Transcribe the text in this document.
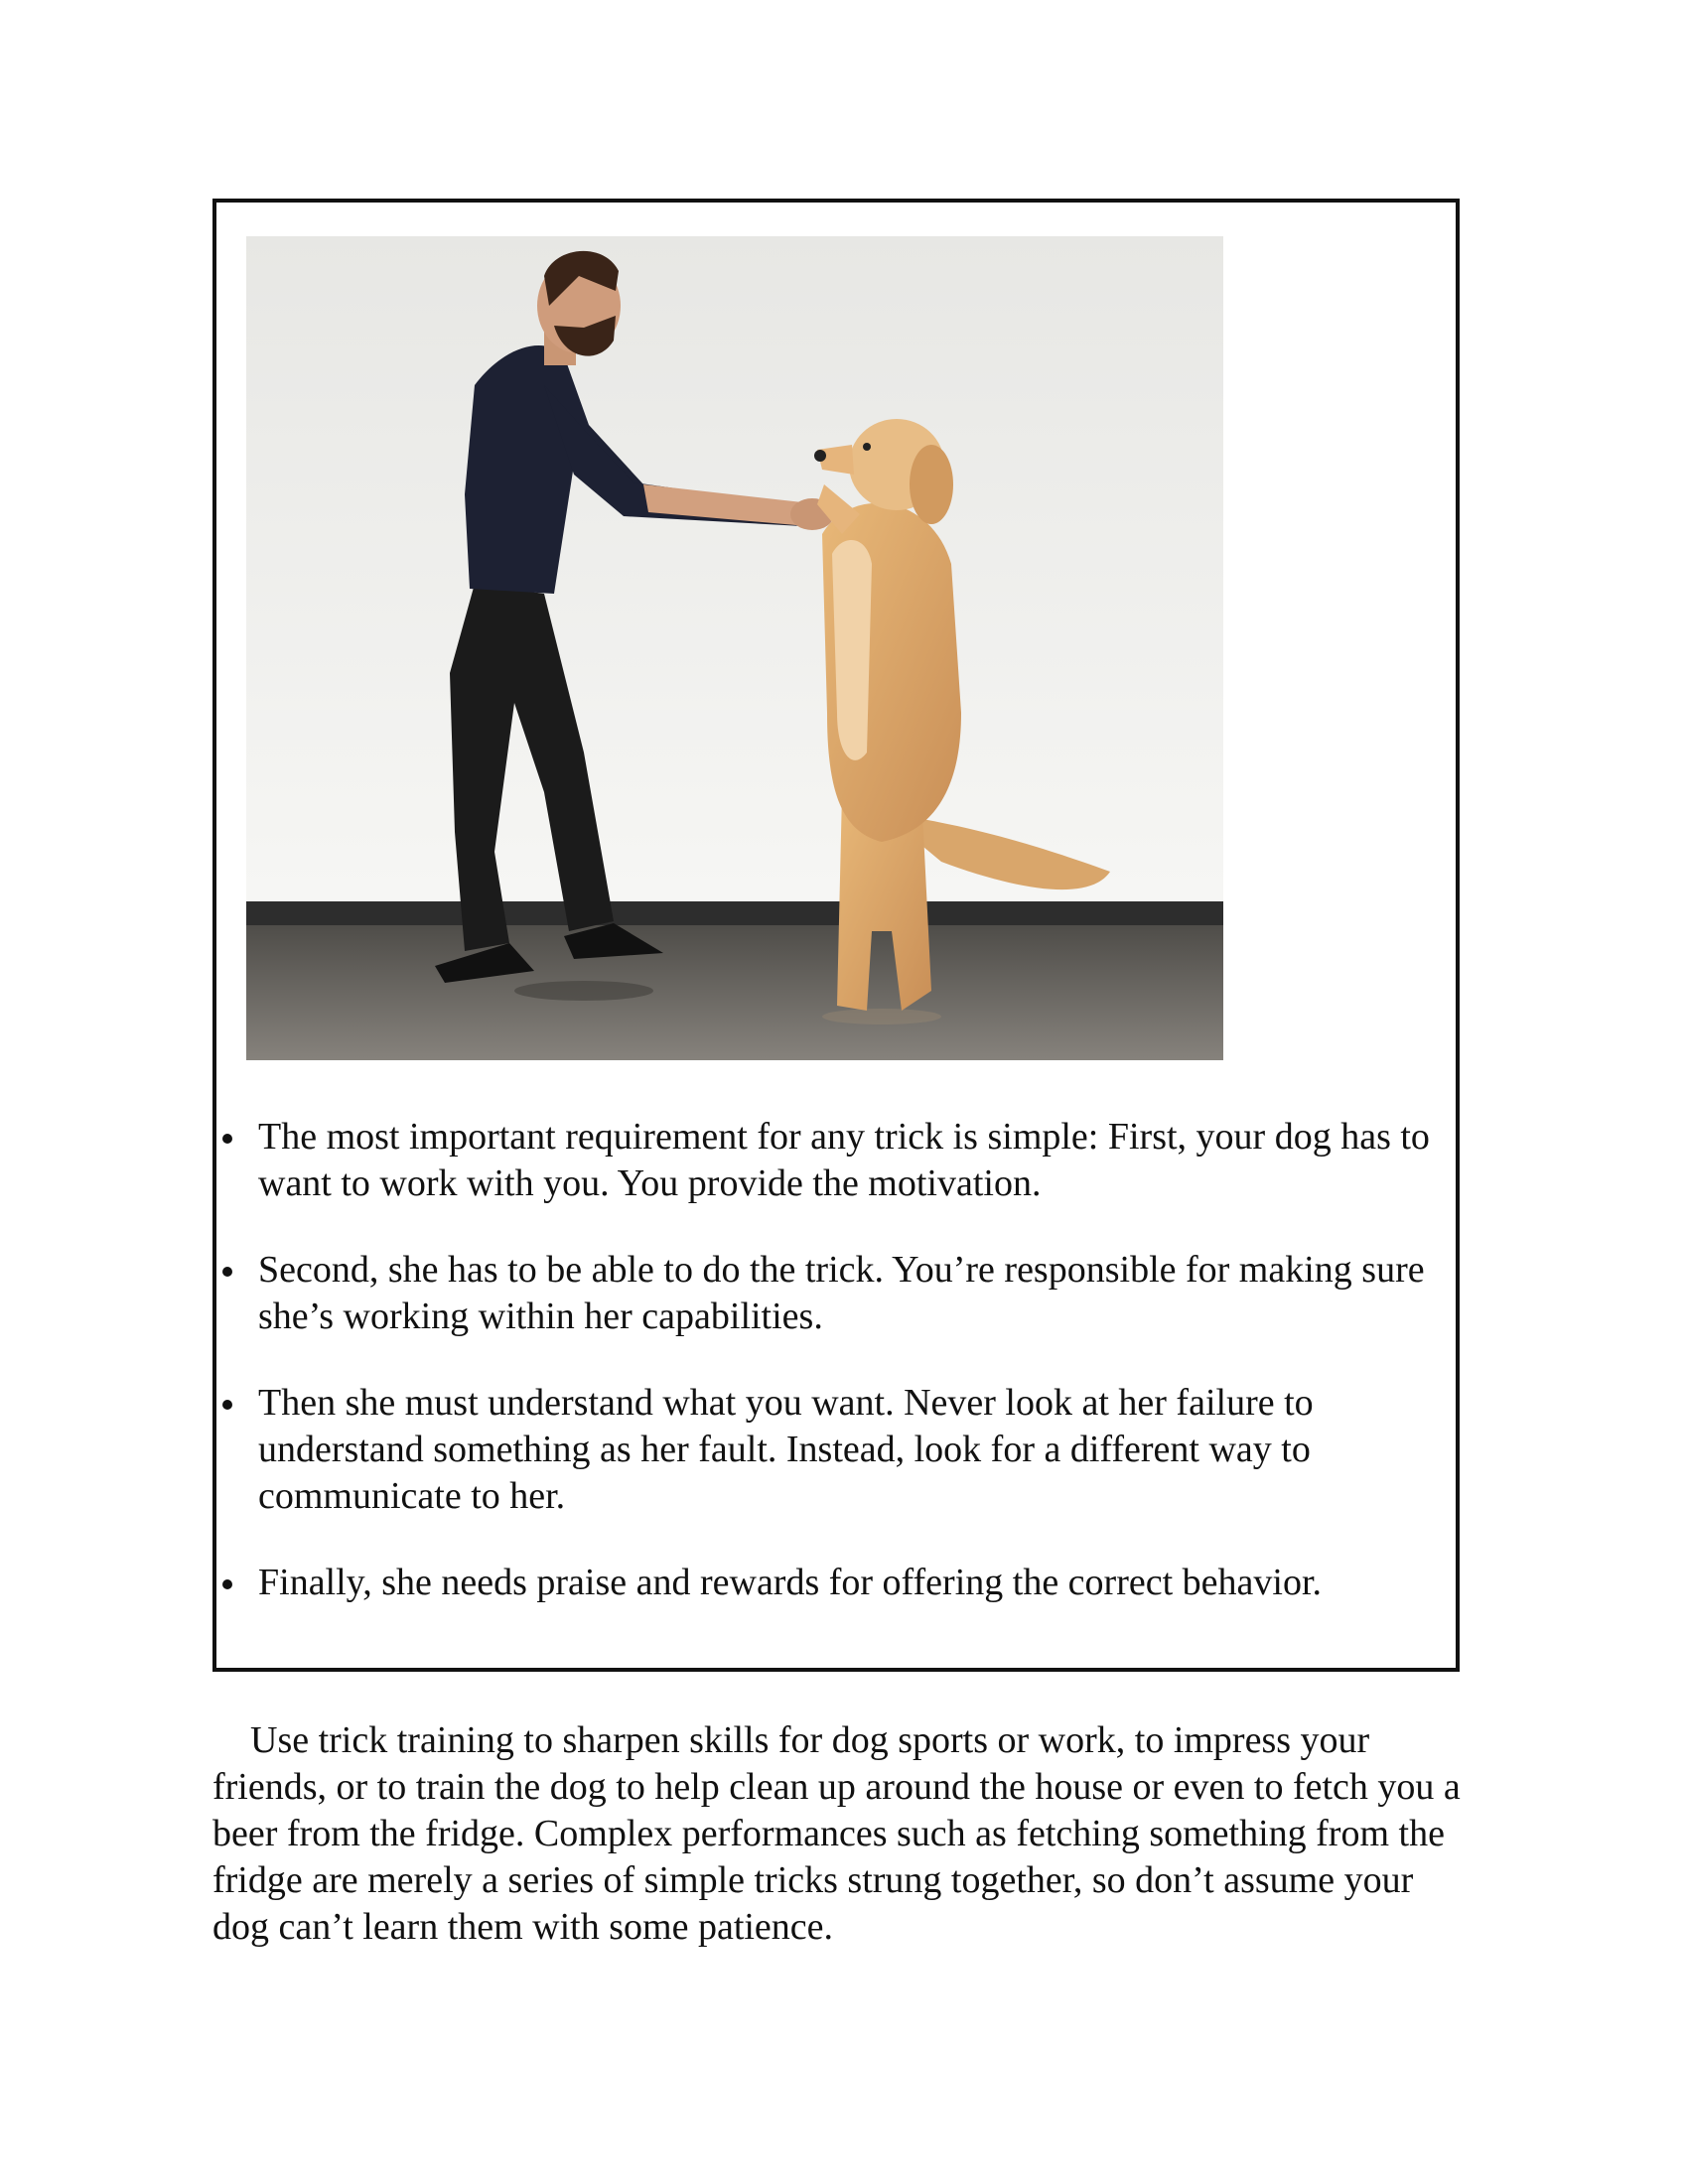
The most important requirement for any trick is simple: First, your dog has to want to work with you. You provide the motivation.
Second, she has to be able to do the trick. You’re responsible for making sure she’s working within her capabilities.
Then she must understand what you want. Never look at her failure to understand something as her fault. Instead, look for a different way to communicate to her.
Finally, she needs praise and rewards for offering the correct behavior.

Use trick training to sharpen skills for dog sports or work, to impress your friends, or to train the dog to help clean up around the house or even to fetch you a beer from the fridge. Complex performances such as fetching something from the fridge are merely a series of simple tricks strung together, so don’t assume your dog can’t learn them with some patience.
